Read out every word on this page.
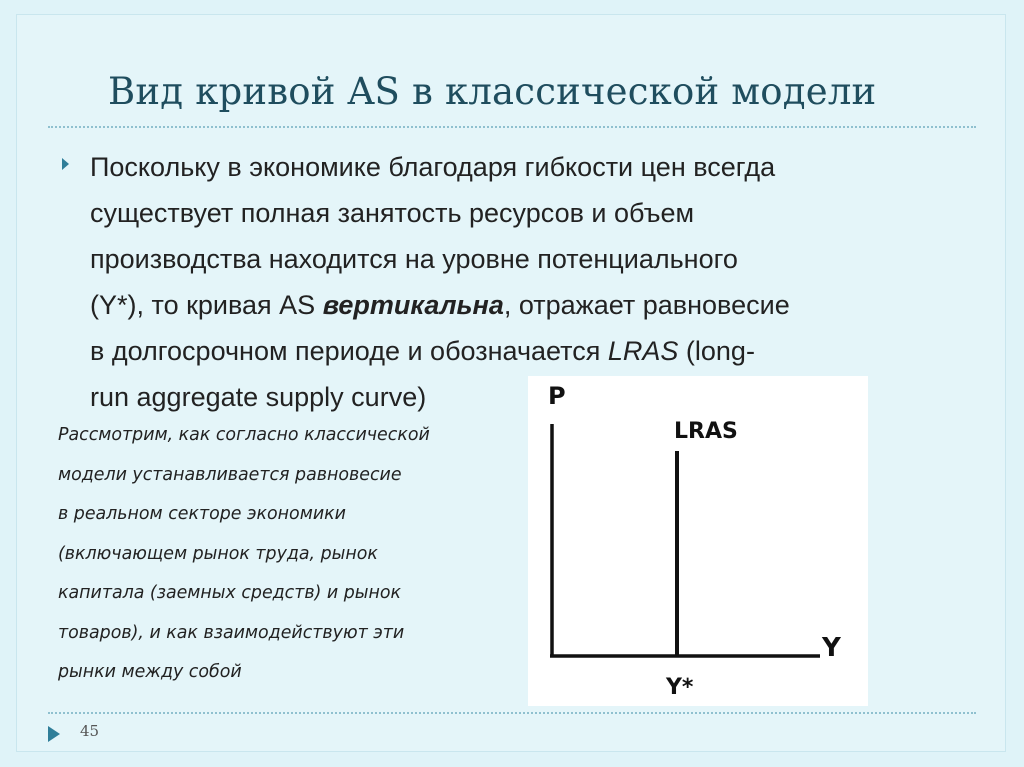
Вид кривой AS в классической модели

Поскольку в экономике благодаря гибкости цен всегда
существует полная занятость ресурсов и объем
производства находится на уровне потенциального
(Y*), то кривая AS вертикальна, отражает равновесие
в долгосрочном периоде и обозначается LRAS (long-
run aggregate supply curve)

Рассмотрим, как согласно классической
модели устанавливается равновесие
в реальном секторе экономики
(включающем рынок труда, рынок
капитала (заемных средств) и рынок
товаров), и как взаимодействуют эти
рынки между собой
P
Y
LRAS
Y*
45
